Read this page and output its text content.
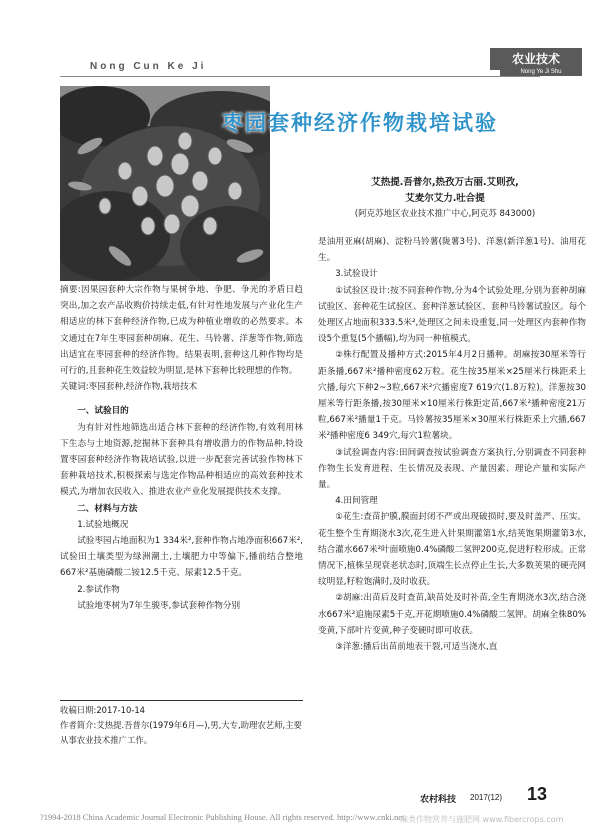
Nong Cun Ke Ji
农业技术
Nong Ye Ji Shu
枣园套种经济作物栽培试验
艾热提.吾普尔,热孜万古丽.艾则孜,
艾麦尔艾力.吐合提
(阿克苏地区农业技术推广中心,阿克苏 843000)

摘要:因果园套种大宗作物与果树争地、争肥、争光的矛盾日趋突出,加之农产品收购价持续走低,有针对性地发展与产业化生产相适应的林下套种经济作物,已成为种植业增收的必然要求。本文通过在7年生枣园套种胡麻、花生、马铃薯、洋葱等作物,筛选出适宜在枣园套种的经济作物。结果表明,套种这几种作物均是可行的,且套种花生效益较为明显,是林下套种比较理想的作物。

关键词:枣园套种,经济作物,栽培技术

一、试验目的

为有针对性地筛选出适合林下套种的经济作物,有效利用林下生态与土地资源,挖掘林下套种具有增收潜力的作物品种,特设置枣园套种经济作物栽培试验,以进一步配套完善试验作物林下套种栽培技术,积极探索与选定作物品种相适应的高效套种技术模式,为增加农民收入、推进农业产业化发展提供技术支撑。

二、材料与方法

1.试验地概况

试验枣园占地面积为1 334米²,套种作物占地净面积667米²,试验田土壤类型为绿洲潮土,土壤肥力中等偏下,播前结合整地667米²基施磷酸二铵12.5千克、尿素12.5千克。

2.参试作物

试验地枣树为7年生骏枣,参试套种作物分别

收稿日期:2017-10-14
作者简介:艾热提.吾普尔(1979年6月—),男,大专,助理农艺师,主要从事农业技术推广工作。

是油用亚麻(胡麻)、淀粉马铃薯(陇薯3号)、洋葱(新洋葱1号)、油用花生。

3.试验设计

①试验区设计:按不同套种作物,分为4个试验处理,分别为套种胡麻试验区、套种花生试验区、套种洋葱试验区、套种马铃薯试验区。每个处理区占地面积333.5米²,处理区之间未设重复,同一处理区内套种作物设5个重复(5个播幅),均为同一种植模式。

②株行配置及播种方式:2015年4月2日播种。胡麻按30厘米等行距条播,667米²播种密度62万粒。花生按35厘米×25厘米行株距釆上穴播,每穴下种2~3粒,667米²穴播密度7 619穴(1.8万粒)。洋葱按30厘米等行距条播,按30厘米×10厘米行株距定苗,667米²播种密度21万粒,667米²播量1千克。马铃薯按35厘米×30厘米行株距釆上穴播,667米²播种密度6 349穴,每穴1粒薯块。

③试验调查内容:田间调查按试验调查方案执行,分别调查不同套种作物生长发育进程、生长情况及表现、产量因素、理论产量和实际产量。

4.田间管理

①花生:查苗护膜,膜面封闭不严或出现破损时,要及时盖严、压实。花生整个生育期浇水3次,花生进入针果期灌第1水,结荚饱果期灌第3水,结合灌水667米²叶面喷施0.4%磷酸二氢钾200克,促进籽粒形成。正常情况下,植株呈现衰老状态时,顶端生长点停止生长,大多数荚果的硬壳网纹明显,籽粒饱满时,及时收获。

②胡麻:出苗后及时查苗,缺苗处及时补苗,全生育期浇水3次,结合浇水667米²追施尿素5千克,开花期喷施0.4%磷酸二氢钾。胡麻全株80%变黄,下部叶片变黄,种子变硬时即可收获。

③洋葱:播后出苗前地表干裂,可适当浇水,直

农村科技 2017(12) 13
?1994-2018 China Academic Journal Electronic Publishing House. All rights reserved. http://www.cnki.net
麻类作物营养与施肥网 www.fibercrops.com
